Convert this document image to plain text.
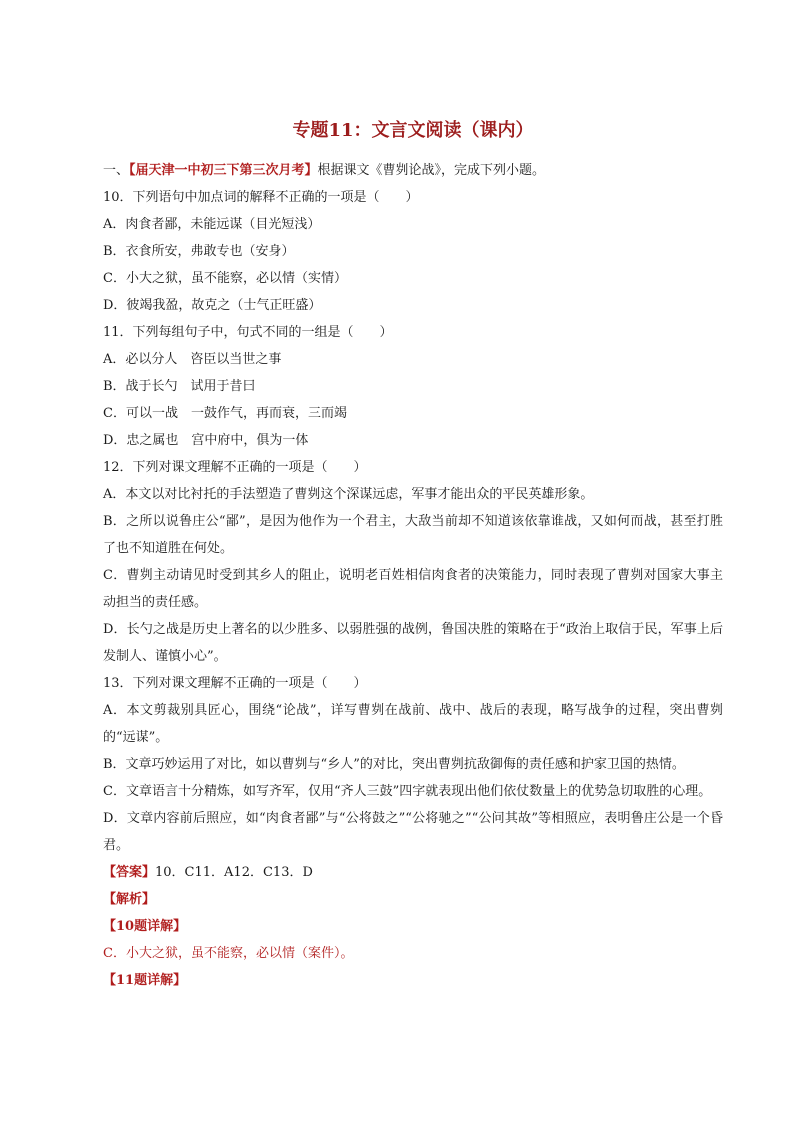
专题11：文言文阅读（课内）
一、【届天津一中初三下第三次月考】根据课文《曹刿论战》，完成下列小题。
10．下列语句中加点词的解释不正确的一项是（　　）
A．肉食者鄙，未能远谋（目光短浅）
B．衣食所安，弗敢专也（安身）
C．小大之狱，虽不能察，必以情（实情）
D．彼竭我盈，故克之（士气正旺盛）
11．下列每组句子中，句式不同的一组是（　　）
A．必以分人　咨臣以当世之事
B．战于长勺　试用于昔曰
C．可以一战　一鼓作气，再而衰，三而竭
D．忠之属也　宫中府中，俱为一体
12．下列对课文理解不正确的一项是（　　）
A．本文以对比衬托的手法塑造了曹刿这个深谋远虑，军事才能出众的平民英雄形象。
B．之所以说鲁庄公“鄙”，是因为他作为一个君主，大敌当前却不知道该依靠谁战，又如何而战，甚至打胜了也不知道胜在何处。
C．曹刿主动请见时受到其乡人的阻止，说明老百姓相信肉食者的决策能力，同时表现了曹刿对国家大事主动担当的责任感。
D．长勺之战是历史上著名的以少胜多、以弱胜强的战例，鲁国决胜的策略在于“政治上取信于民，军事上后发制人、谨慎小心”。
13．下列对课文理解不正确的一项是（　　）
A．本文剪裁别具匠心，围绕“论战”，详写曹刿在战前、战中、战后的表现，略写战争的过程，突出曹刿的“远谋”。
B．文章巧妙运用了对比，如以曹刿与“乡人”的对比，突出曹刿抗敌御侮的责任感和护家卫国的热情。
C．文章语言十分精炼，如写齐军，仅用“齐人三鼓”四字就表现出他们依仗数量上的优势急切取胜的心理。
D．文章内容前后照应，如“肉食者鄙”与“公将鼓之”“公将驰之”“公问其故”等相照应，表明鲁庄公是一个昏君。
【答案】10．C11．A12．C13．D
【解析】
【10题详解】
C．小大之狱，虽不能察，必以情（案件）。
【11题详解】
